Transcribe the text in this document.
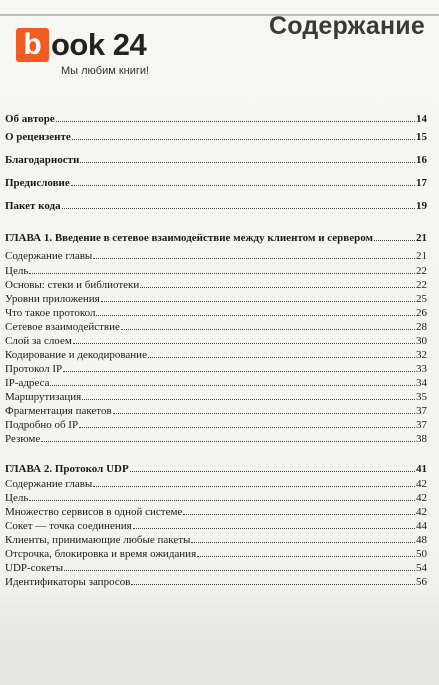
Содержание
b ook 24
Мы любим книги!
Об авторе	14
О рецензенте	15
Благодарности	16
Предисловие	17
Пакет кода	19
ГЛАВА 1. Введение в сетевое взаимодействие между клиентом и сервером	21
Содержание главы	21
Цель	22
Основы: стеки и библиотеки	22
Уровни приложения	25
Что такое протокол	26
Сетевое взаимодействие	28
Слой за слоем	30
Кодирование и декодирование	32
Протокол IP	33
IP-адреса	34
Маршрутизация	35
Фрагментация пакетов	37
Подробно об IP	37
Резюме	38
ГЛАВА 2. Протокол UDP	41
Содержание главы	42
Цель	42
Множество сервисов в одной системе	42
Сокет — точка соединения	44
Клиенты, принимающие любые пакеты	48
Отсрочка, блокировка и время ожидания	50
UDP-сокеты	54
Идентификаторы запросов	56
